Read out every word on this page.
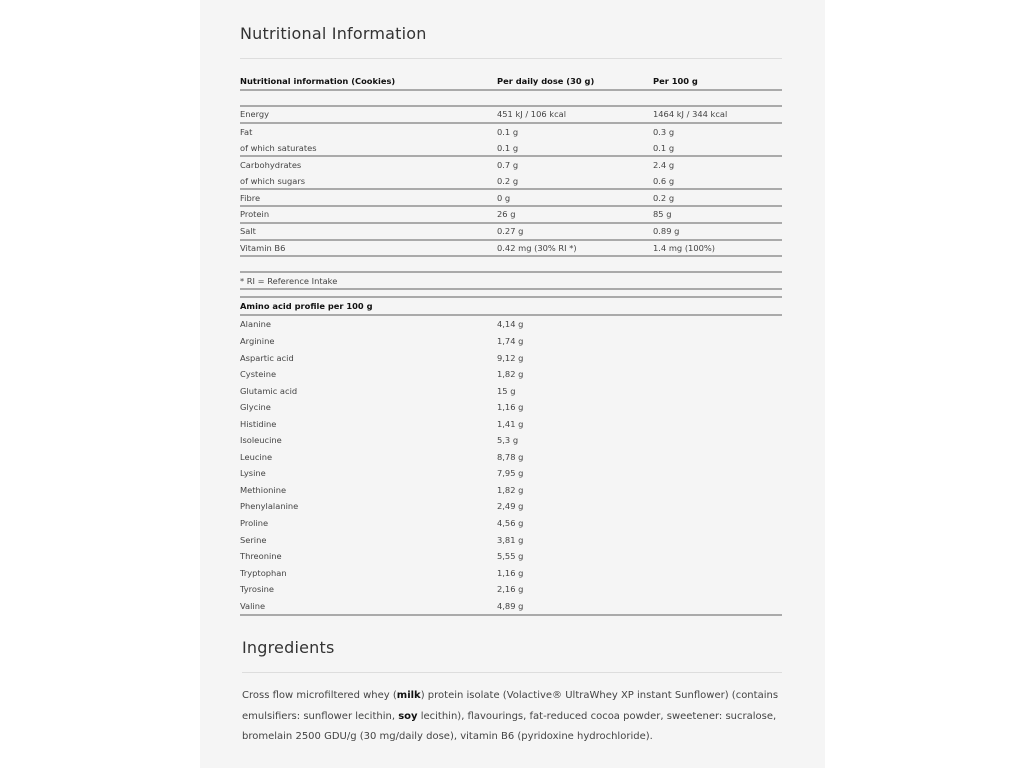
Nutritional Information
Nutritional information (Cookies)	Per daily dose (30 g)	Per 100 g
Energy	451 kJ / 106 kcal	1464 kJ / 344 kcal
Fat	0.1 g	0.3 g
of which saturates	0.1 g	0.1 g
Carbohydrates	0.7 g	2.4 g
of which sugars	0.2 g	0.6 g
Fibre	0 g	0.2 g
Protein	26 g	85 g
Salt	0.27 g	0.89 g
Vitamin B6	0.42 mg (30% RI *)	1.4 mg (100%)
* RI = Reference Intake
Amino acid profile per 100 g
Alanine	4,14 g
Arginine	1,74 g
Aspartic acid	9,12 g
Cysteine	1,82 g
Glutamic acid	15 g
Glycine	1,16 g
Histidine	1,41 g
Isoleucine	5,3 g
Leucine	8,78 g
Lysine	7,95 g
Methionine	1,82 g
Phenylalanine	2,49 g
Proline	4,56 g
Serine	3,81 g
Threonine	5,55 g
Tryptophan	1,16 g
Tyrosine	2,16 g
Valine	4,89 g
Ingredients

Cross flow microfiltered whey (milk) protein isolate (Volactive® UltraWhey XP instant Sunflower) (contains emulsifiers: sunflower lecithin, soy lecithin), flavourings, fat-reduced cocoa powder, sweetener: sucralose, bromelain 2500 GDU/g (30 mg/daily dose), vitamin B6 (pyridoxine hydrochloride).
